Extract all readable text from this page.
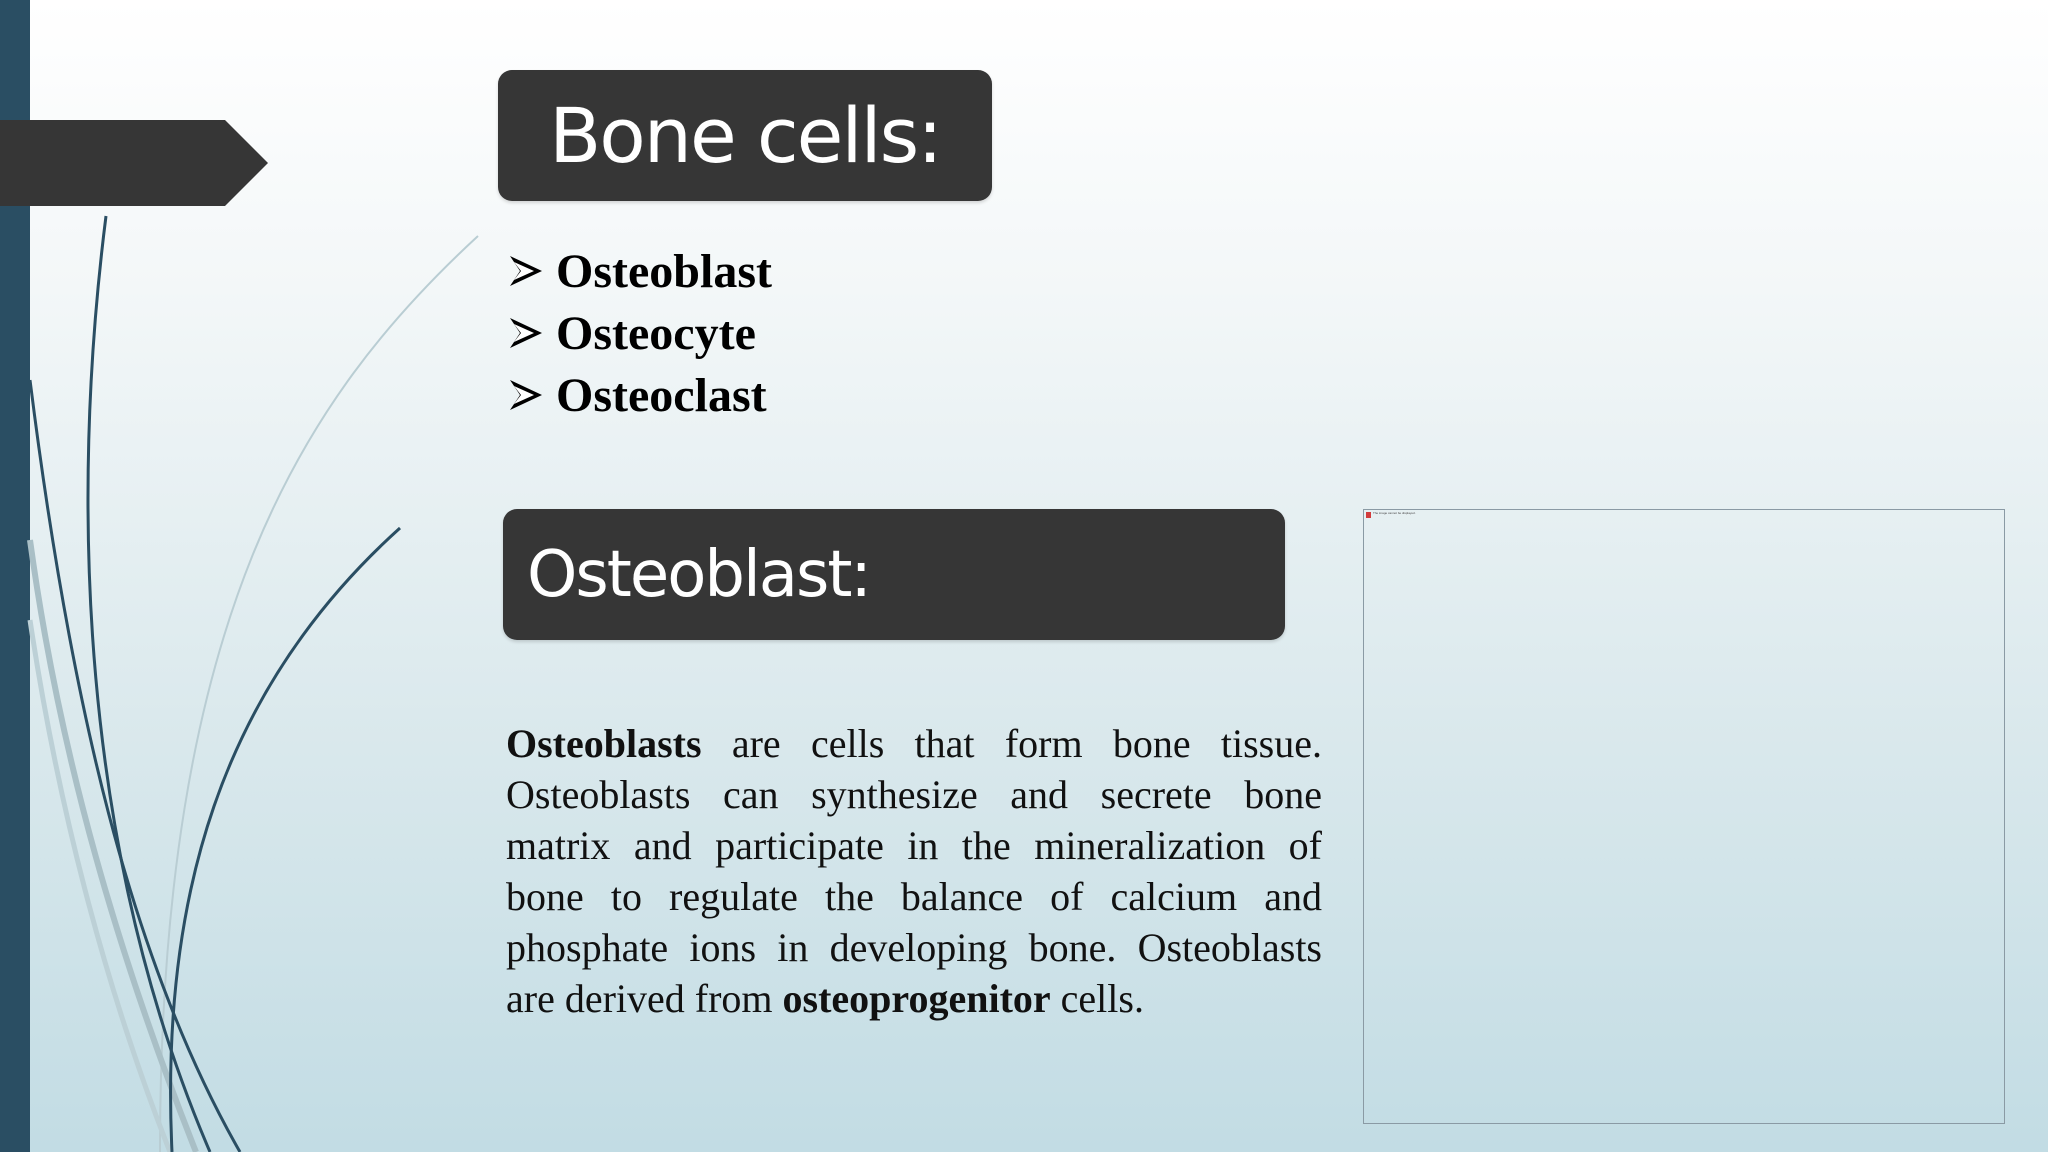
Bone cells:
Osteoblast
Osteocyte
Osteoclast
Osteoblast:

Osteoblasts are cells that form bone tissue. Osteoblasts can synthesize and secrete bone matrix and participate in the mineralization of bone to regulate the balance of calcium and phosphate ions in developing bone. Osteoblasts are derived from osteoprogenitor cells.

The image cannot be displayed.
